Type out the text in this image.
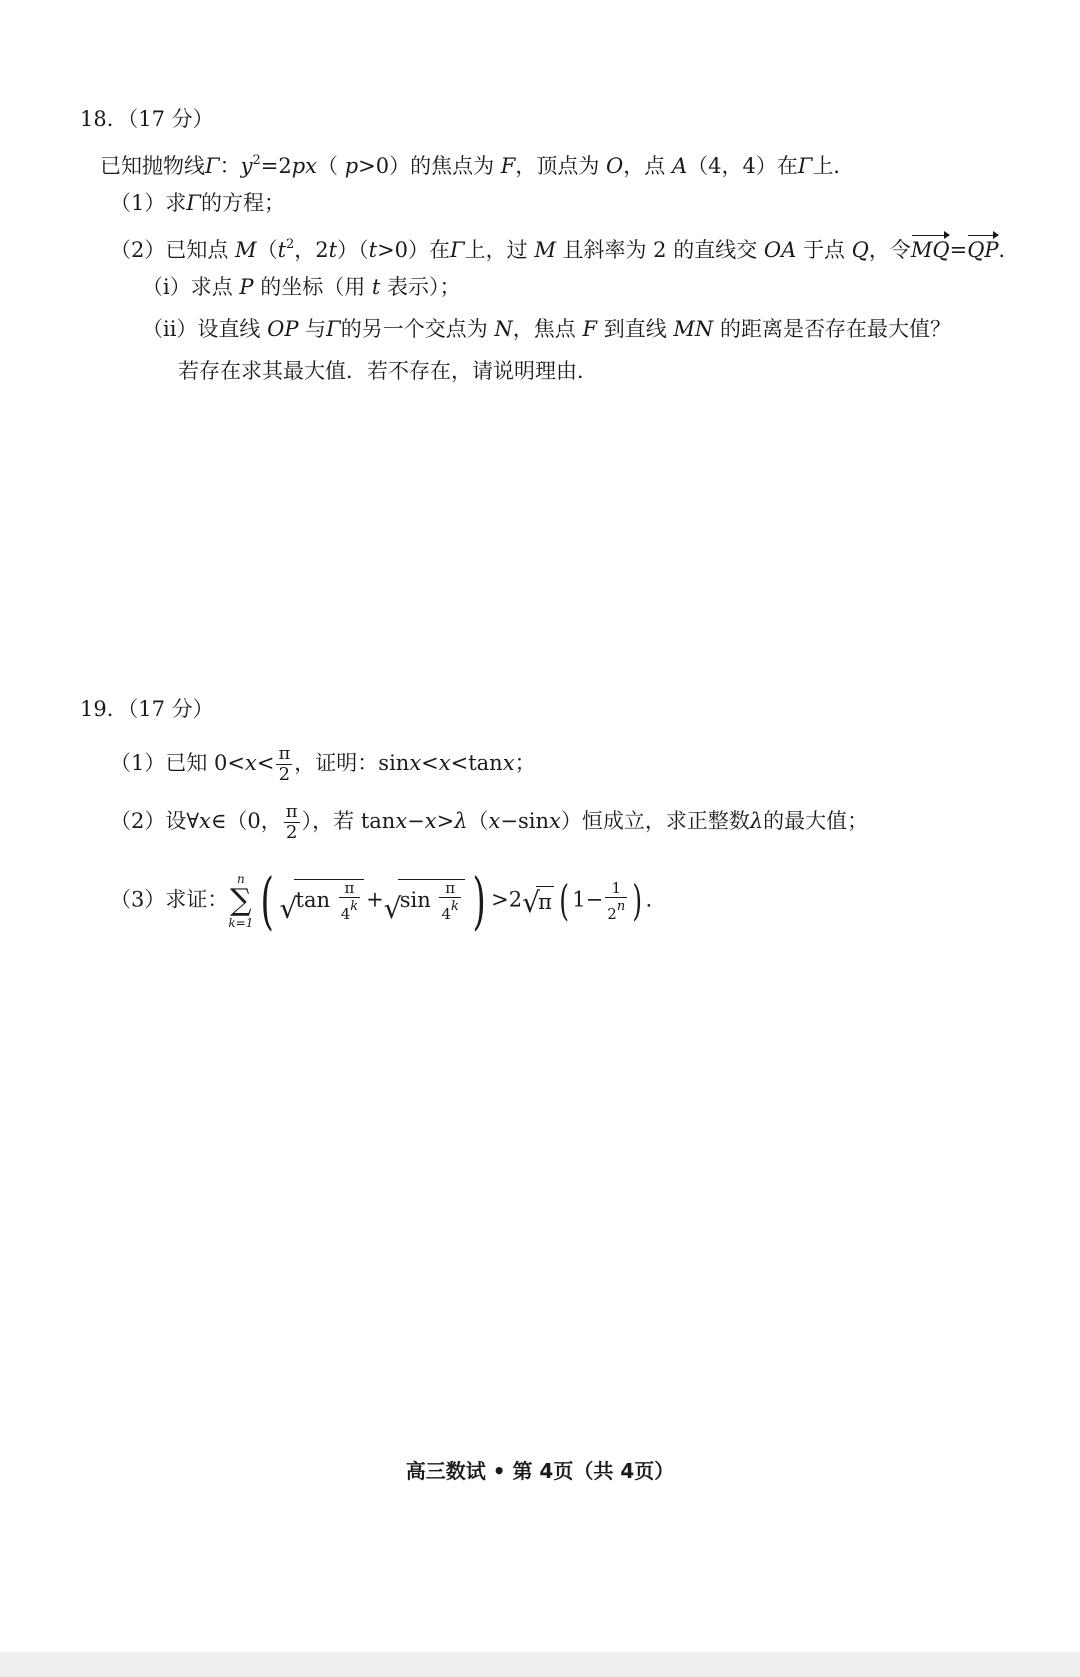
18．（17 分）
已知抛物线Γ：$y^2=2px$（ p>0）的焦点为 F，顶点为 O，点 A（4，4）在Γ上．
（1）求Γ的方程；
（2）已知点 $M(t^2$，2t）（t>0）在Γ上，过 M 且斜率为 2 的直线交 OA 于点 Q，令MQ=QP．
（i）求点 P 的坐标（用 t 表示）；
（ii）设直线 OP 与Γ的另一个交点为 N，焦点 F 到直线 MN 的距离是否存在最大值？
若存在求其最大值．若不存在，请说明理由．
19．（17 分）
（1）已知 $0<x< \frac{\pi}{2}$ ，证明：sinx<x<tanx；
（2）设∀x∈（0， $\frac{\pi}{2}$ ），若 tanx−x>λ（x−sinx）恒成立，求正整数λ的最大值；
（3）求证：
n
∑
k=1 ( √
$\tan \frac{\pi}{4k}$ + √
$\sin \frac{\pi}{4k}$ ) >2 √
π ( $1- \frac{1}{2n}$ ) ．
高三数试 • 第 4页（共 4页）
